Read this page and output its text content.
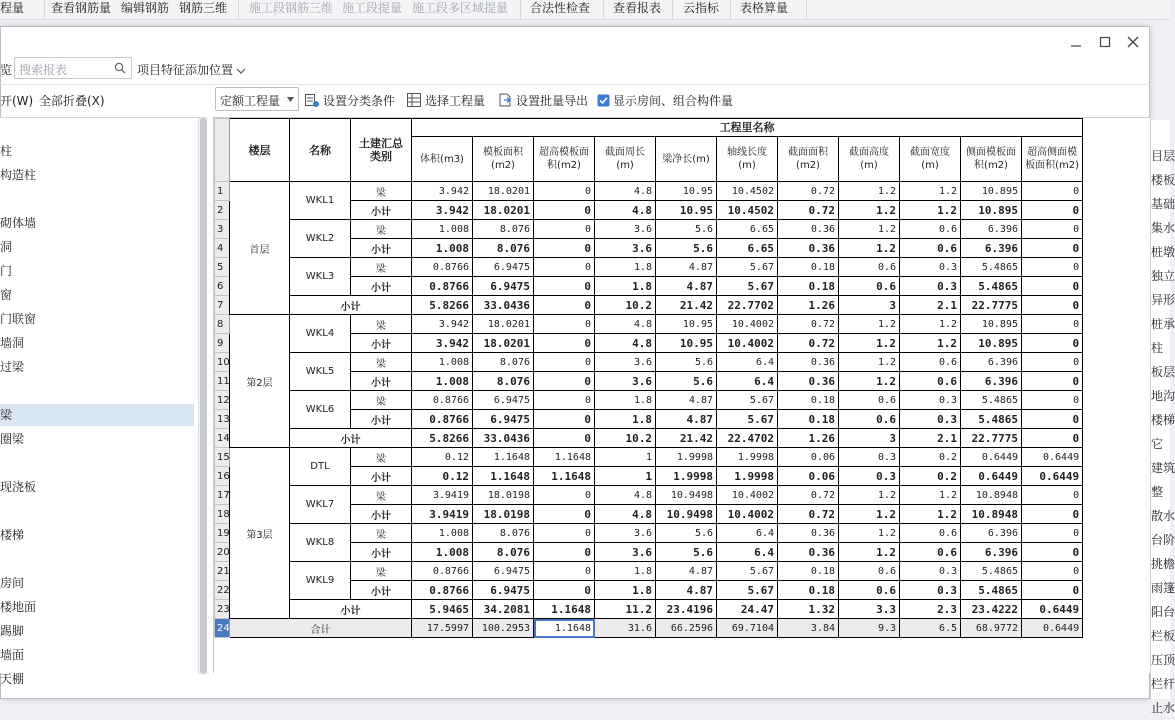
程量 查看钢筋量 编辑钢筋 钢筋三维 施工段钢筋三维 施工段提量 施工段多区域提量 合法性检查 查看报表 云指标 表格算量
览 搜索报表	项目特征添加位置
开(W) 全部折叠(X)	定额工程量	设置分类条件 选择工程量	设置批量导出 显示房间、组合构件量
柱
构造柱
砌体墙
洞
门
窗
门联窗
墙洞
过梁
梁
圈梁
现浇板
楼梯
房间
楼地面
踢脚
墙面
天棚
	楼层	名称	土建汇总类别	工程里名称										
				体积(m3)	模板面积(m2)	超高模板面积(m2)	截面周长(m)	梁净长(m)	轴线长度(m)	截面面积(m2)	截面高度(m)	截面宽度(m)	侧面模板面积(m2)	超高侧面模板面积(m2)
1	首层	WKL1	梁	3.942	18.0201	0	4.8	10.95	10.4502	0.72	1.2	1.2	10.895	0
2			小计	3.942	18.0201	0	4.8	10.95	10.4502	0.72	1.2	1.2	10.895	0
3		WKL2	梁	1.008	8.076	0	3.6	5.6	6.65	0.36	1.2	0.6	6.396	0
4			小计	1.008	8.076	0	3.6	5.6	6.65	0.36	1.2	0.6	6.396	0
5		WKL3	梁	0.8766	6.9475	0	1.8	4.87	5.67	0.18	0.6	0.3	5.4865	0
6			小计	0.8766	6.9475	0	1.8	4.87	5.67	0.18	0.6	0.3	5.4865	0
7		小计		5.8266	33.0436	0	10.2	21.42	22.7702	1.26	3	2.1	22.7775	0
8	第2层	WKL4	梁	3.942	18.0201	0	4.8	10.95	10.4002	0.72	1.2	1.2	10.895	0
9			小计	3.942	18.0201	0	4.8	10.95	10.4002	0.72	1.2	1.2	10.895	0
10		WKL5	梁	1.008	8.076	0	3.6	5.6	6.4	0.36	1.2	0.6	6.396	0
11			小计	1.008	8.076	0	3.6	5.6	6.4	0.36	1.2	0.6	6.396	0
12		WKL6	梁	0.8766	6.9475	0	1.8	4.87	5.67	0.18	0.6	0.3	5.4865	0
13			小计	0.8766	6.9475	0	1.8	4.87	5.67	0.18	0.6	0.3	5.4865	0
14		小计		5.8266	33.0436	0	10.2	21.42	22.4702	1.26	3	2.1	22.7775	0
15	第3层	DTL	梁	0.12	1.1648	1.1648	1	1.9998	1.9998	0.06	0.3	0.2	0.6449	0.6449
16			小计	0.12	1.1648	1.1648	1	1.9998	1.9998	0.06	0.3	0.2	0.6449	0.6449
17		WKL7	梁	3.9419	18.0198	0	4.8	10.9498	10.4002	0.72	1.2	1.2	10.8948	0
18			小计	3.9419	18.0198	0	4.8	10.9498	10.4002	0.72	1.2	1.2	10.8948	0
19		WKL8	梁	1.008	8.076	0	3.6	5.6	6.4	0.36	1.2	0.6	6.396	0
20			小计	1.008	8.076	0	3.6	5.6	6.4	0.36	1.2	0.6	6.396	0
21		WKL9	梁	0.8766	6.9475	0	1.8	4.87	5.67	0.18	0.6	0.3	5.4865	0
22			小计	0.8766	6.9475	0	1.8	4.87	5.67	0.18	0.6	0.3	5.4865	0
23		小计		5.9465	34.2081	1.1648	11.2	23.4196	24.47	1.32	3.3	2.3	23.4222	0.6449
24	合计			17.5997	100.2953	1.1648	31.6	66.2596	69.7104	3.84	9.3	6.5	68.9772	0.6449
目层
楼板
基础
集水
桩墩
独立
异形
桩承
柱
板层
地沟
楼梯
它
建筑
整
散水
台阶
挑檐
雨篷
阳台
栏板
压顶
栏杆
止水
